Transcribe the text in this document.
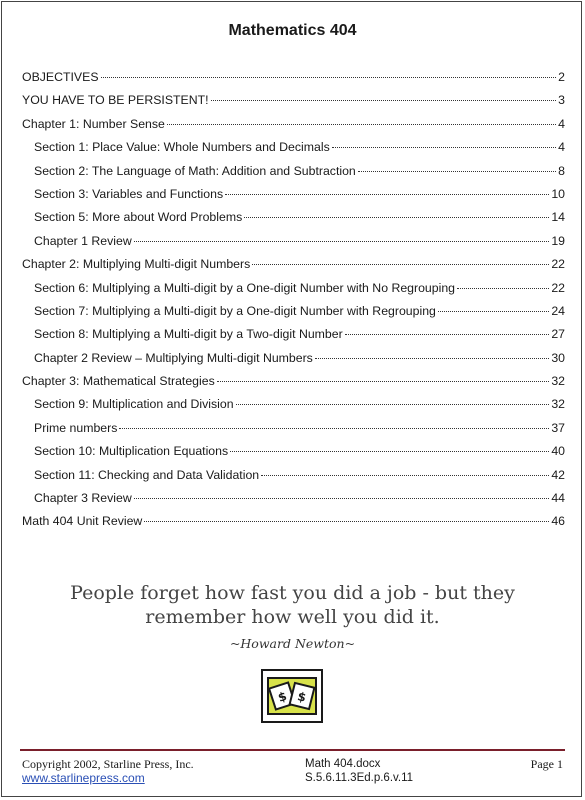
Mathematics 404
OBJECTIVES	2
YOU HAVE TO BE PERSISTENT!	3
Chapter 1: Number Sense	4
Section 1: Place Value: Whole Numbers and Decimals	4
Section 2: The Language of Math: Addition and Subtraction	8
Section 3: Variables and Functions	10
Section 5: More about Word Problems	14
Chapter 1 Review	19
Chapter 2: Multiplying Multi-digit Numbers	22
Section 6: Multiplying a Multi-digit by a One-digit Number with No Regrouping	22
Section 7: Multiplying a Multi-digit by a One-digit Number with Regrouping	24
Section 8: Multiplying a Multi-digit by a Two-digit Number	27
Chapter 2 Review – Multiplying Multi-digit Numbers	30
Chapter 3: Mathematical Strategies	32
Section 9: Multiplication and Division	32
Prime numbers	37
Section 10: Multiplication Equations	40
Section 11: Checking and Data Validation	42
Chapter 3 Review	44
Math 404 Unit Review	46
People forget how fast you did a job - but they
remember how well you did it.
~Howard Newton~
$ $
Copyright 2002, Starline Press, Inc.
www.starlinepress.com
Math 404.docx
S.5.6.11.3Ed.p.6.v.11
Page 1
